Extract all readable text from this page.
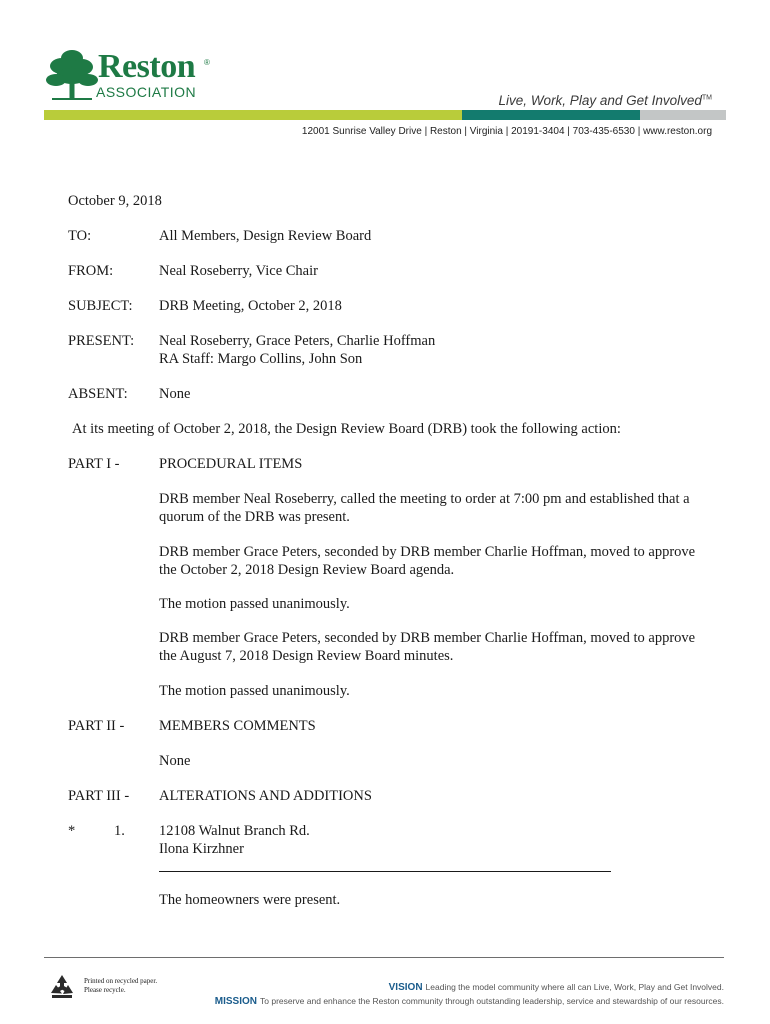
Reston ®
ASSOCIATION
Live, Work, Play and Get Involved™
12001 Sunrise Valley Drive | Reston | Virginia | 20191-3404 | 703-435-6530 | www.reston.org
October 9, 2018
TO:	All Members, Design Review Board
FROM:	Neal Roseberry, Vice Chair
SUBJECT: DRB Meeting, October 2, 2018
PRESENT: Neal Roseberry, Grace Peters, Charlie Hoffman
RA Staff: Margo Collins, John Son
ABSENT: None
At its meeting of October 2, 2018, the Design Review Board (DRB) took the following action:
PART I -	PROCEDURAL ITEMS
DRB member Neal Roseberry, called the meeting to order at 7:00 pm and established that a
quorum of the DRB was present.
DRB member Grace Peters, seconded by DRB member Charlie Hoffman, moved to approve
the October 2, 2018 Design Review Board agenda.
The motion passed unanimously.
DRB member Grace Peters, seconded by DRB member Charlie Hoffman, moved to approve
the August 7, 2018 Design Review Board minutes.
The motion passed unanimously.
PART II - MEMBERS COMMENTS
None
PART III - ALTERATIONS AND ADDITIONS
*	1. 12108 Walnut Branch Rd.
Ilona Kirzhner
The homeowners were present.
Printed on recycled paper.
Please recycle.	VISION Leading the model community where all can Live, Work, Play and Get Involved.
MISSION To preserve and enhance the Reston community through outstanding leadership, service and stewardship of our resources.
